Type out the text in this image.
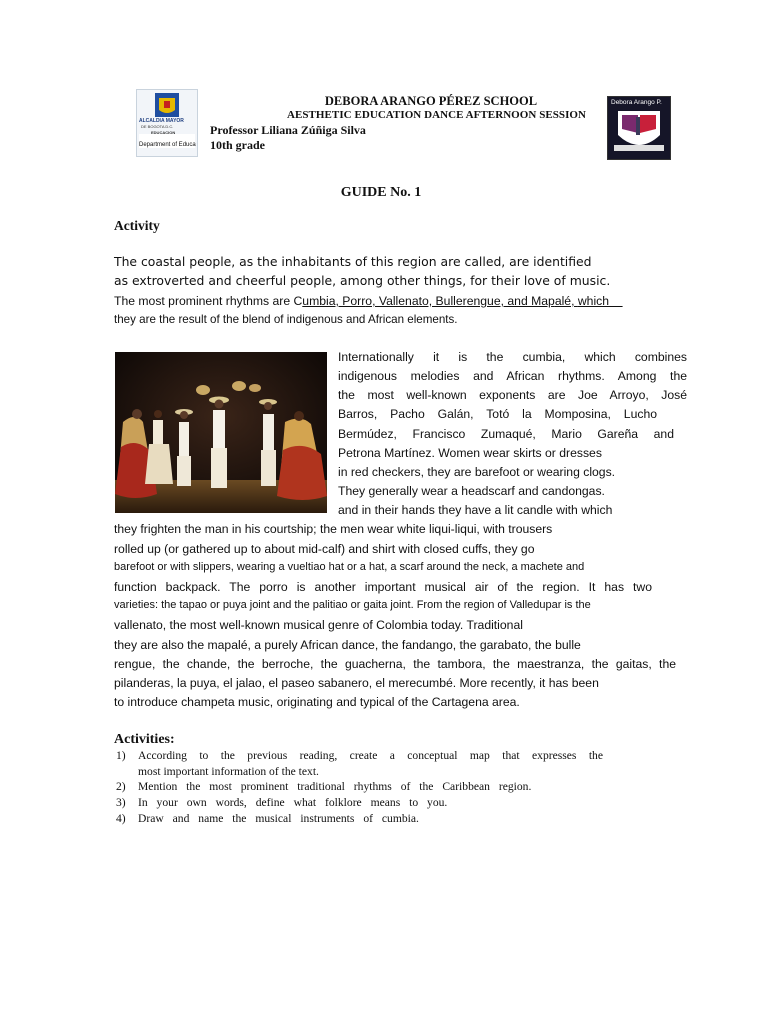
ALCALDIA MAYOR
DE BOGOTA D.C.
EDUCACION
Department of Educa
Debora Arango P.
DEBORA ARANGO PÉREZ SCHOOL
AESTHETIC EDUCATION DANCE AFTERNOON SESSION
Professor Liliana Zúñiga Silva
10th grade
GUIDE No. 1
Activity
The coastal people, as the inhabitants of this region are called, are identified
as extroverted and cheerful people, among other things, for their love of music.
The most prominent rhythms are Cumbia, Porro, Vallenato, Bullerengue, and Mapalé, which
they are the result of the blend of indigenous and African elements.
Internationally it is the cumbia, which combines
indigenous melodies and African rhythms. Among the
the most well-known exponents are Joe Arroyo, José
Barros, Pacho Galán, Totó la Momposina, Lucho
Bermúdez, Francisco Zumaqué, Mario Gareña and
Petrona Martínez. Women wear skirts or dresses
in red checkers, they are barefoot or wearing clogs.
They generally wear a headscarf and candongas.
and in their hands they have a lit candle with which
they frighten the man in his courtship; the men wear white liqui-liqui, with trousers
rolled up (or gathered up to about mid-calf) and shirt with closed cuffs, they go
barefoot or with slippers, wearing a vueltiao hat or a hat, a scarf around the neck, a machete and
function backpack. The porro is another important musical air of the region. It has two
varieties: the tapao or puya joint and the palitiao or gaita joint. From the region of Valledupar is the
vallenato, the most well-known musical genre of Colombia today. Traditional
they are also the mapalé, a purely African dance, the fandango, the garabato, the bulle
rengue, the chande, the berroche, the guacherna, the tambora, the maestranza, the gaitas, the
pilanderas, la puya, el jalao, el paseo sabanero, el merecumbé. More recently, it has been
to introduce champeta music, originating and typical of the Cartagena area.
Activities:
1) According to the previous reading, create a conceptual map that expresses the
most important information of the text.
2) Mention the most prominent traditional rhythms of the Caribbean region.
3) In your own words, define what folklore means to you.
4) Draw and name the musical instruments of cumbia.
